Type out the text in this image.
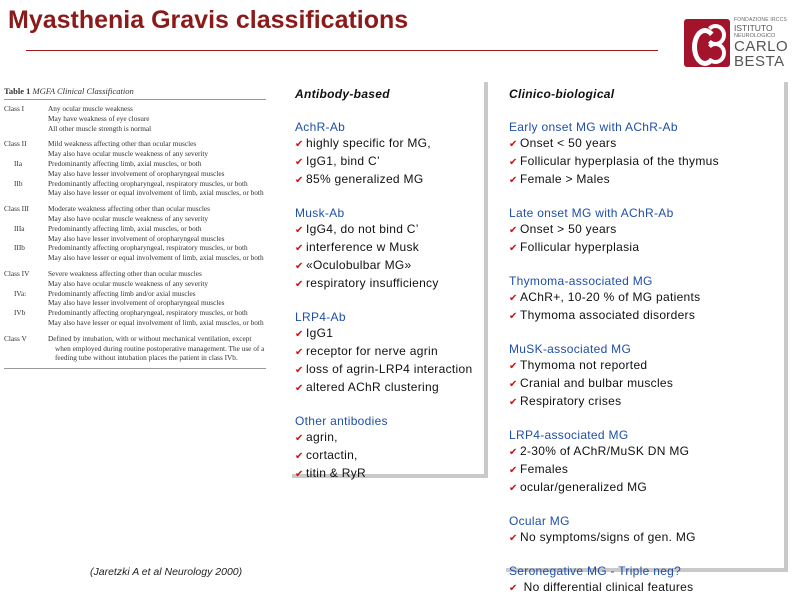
Myasthenia Gravis classifications	FONDAZIONE IRCCS
ISTITUTO
NEUROLOGICO
CARLO
BESTA
Table 1 MGFA Clinical Classification
Class I	Any ocular muscle weakness
May have weakness of eye closure
All other muscle strength is normal
Class II	Mild weakness affecting other than ocular muscles
May also have ocular muscle weakness of any severity
IIa	Predominantly affecting limb, axial muscles, or both
May also have lesser involvement of oropharyngeal muscles
IIb	Predominantly affecting oropharyngeal, respiratory muscles, or both
May also have lesser or equal involvement of limb, axial muscles, or both
Class III	Moderate weakness affecting other than ocular muscles
May also have ocular muscle weakness of any severity
IIIa	Predominantly affecting limb, axial muscles, or both
May also have lesser involvement of oropharyngeal muscles
IIIb	Predominantly affecting oropharyngeal, respiratory muscles, or both
May also have lesser or equal involvement of limb, axial muscles, or both
Class IV	Severe weakness affecting other than ocular muscles
May also have ocular muscle weakness of any severity
IVa:	Predominantly affecting limb and/or axial muscles
May also have lesser involvement of oropharyngeal muscles
IVb	Predominantly affecting oropharyngeal, respiratory muscles, or both
May also have lesser or equal involvement of limb, axial muscles, or both
Class V	Defined by intubation, with or without mechanical ventilation, except when employed during routine postoperative management. The use of a feeding tube without intubation places the patient in class IVb.
(Jaretzki A et al Neurology 2000)
Antibody-based
AchR-Ab
✔ highly specific for MG,
✔ IgG1, bind C’
✔ 85% generalized MG
Musk-Ab
✔ IgG4, do not bind C’
✔ interference w Musk
✔ «Oculobulbar MG»
✔ respiratory insufficiency
LRP4-Ab
✔ IgG1
✔ receptor for nerve agrin
✔ loss of agrin-LRP4 interaction
✔ altered AChR clustering
Other antibodies
✔ agrin,
✔ cortactin,
✔ titin & RyR
Clinico-biological
Early onset MG with AChR-Ab
✔ Onset < 50 years
✔ Follicular hyperplasia of the thymus
✔ Female > Males
Late onset MG with AChR-Ab
✔ Onset > 50 years
✔ Follicular hyperplasia
Thymoma-associated MG
✔ AChR+, 10-20 % of MG patients
✔ Thymoma associated disorders
MuSK-associated MG
✔ Thymoma not reported
✔ Cranial and bulbar muscles
✔ Respiratory crises
LRP4-associated MG
✔ 2-30% of AChR/MuSK DN MG
✔ Females
✔ ocular/generalized MG
Ocular MG
✔ No symptoms/signs of gen. MG
Seronegative MG - Triple neg?
✔ No differential clinical features
